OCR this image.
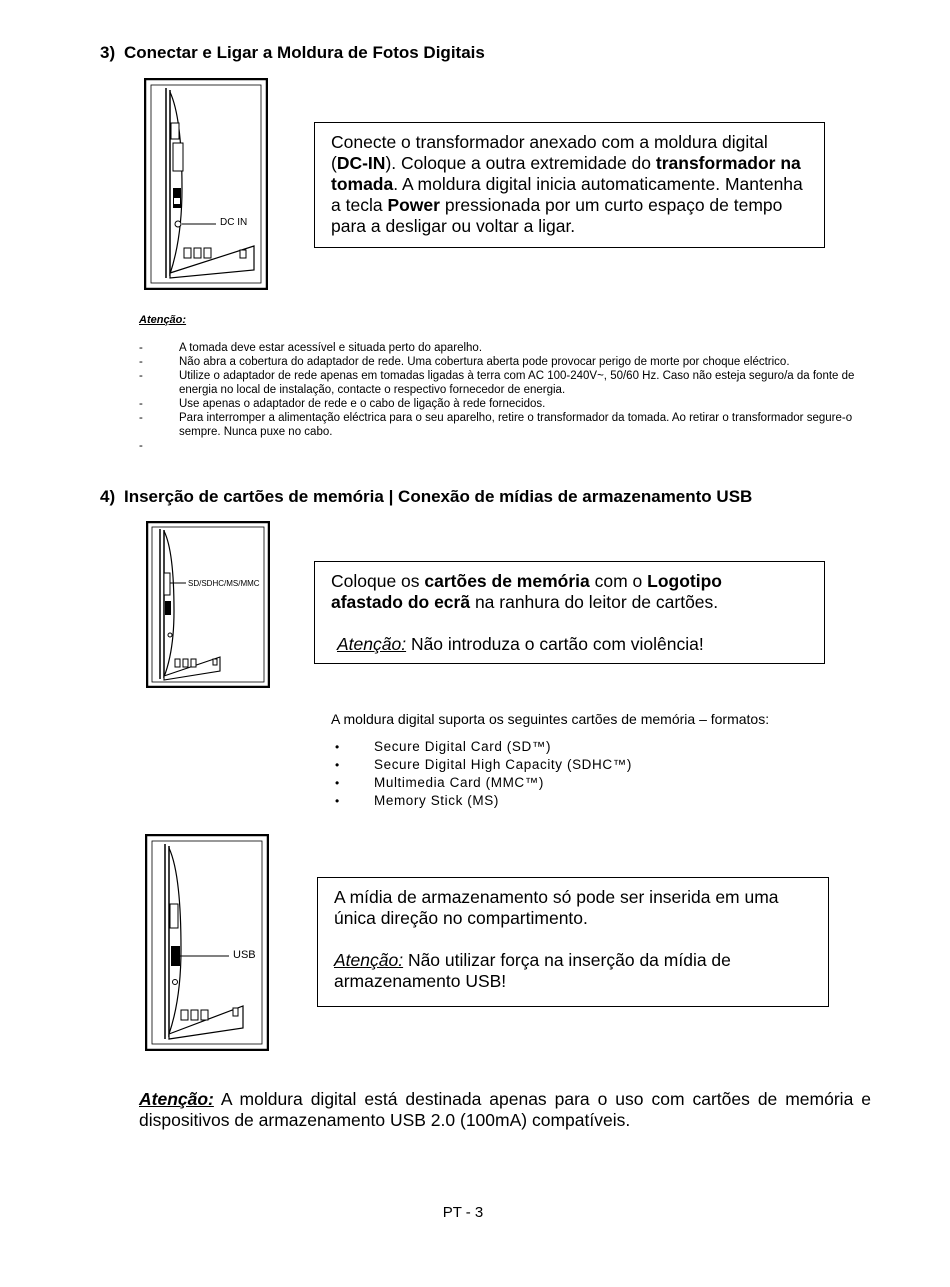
3) Conectar e Ligar a Moldura de Fotos Digitais
DC IN
Conecte o transformador anexado com a moldura digital (DC-IN). Coloque a outra extremidade do transformador na tomada. A moldura digital inicia automaticamente. Mantenha a tecla Power pressionada por um curto espaço de tempo para a desligar ou voltar a ligar.
Atenção:
-	A tomada deve estar acessível e situada perto do aparelho.
-	Não abra a cobertura do adaptador de rede. Uma cobertura aberta pode provocar perigo de morte por choque eléctrico.
-	Utilize o adaptador de rede apenas em tomadas ligadas à terra com AC 100-240V~, 50/60 Hz. Caso não esteja seguro/a da fonte de energia no local de instalação, contacte o respectivo fornecedor de energia.
-	Use apenas o adaptador de rede e o cabo de ligação à rede fornecidos.
-	Para interromper a alimentação eléctrica para o seu aparelho, retire o transformador da tomada. Ao retirar o transformador segure-o sempre. Nunca puxe no cabo.
-
4) Inserção de cartões de memória | Conexão de mídias de armazenamento USB
SD/SDHC/MS/MMC	Coloque os cartões de memória com o Logotipo afastado do ecrã na ranhura do leitor de cartões.
Atenção: Não introduza o cartão com violência!
A moldura digital suporta os seguintes cartões de memória – formatos:
•	Secure Digital Card (SD™)
•	Secure Digital High Capacity (SDHC™)
•	Multimedia Card (MMC™)
•	Memory Stick (MS)
USB
A mídia de armazenamento só pode ser inserida em uma única direção no compartimento.
Atenção: Não utilizar força na inserção da mídia de armazenamento USB!
Atenção: A moldura digital está destinada apenas para o uso com cartões de memória e dispositivos de armazenamento USB 2.0 (100mA) compatíveis.
PT - 3
